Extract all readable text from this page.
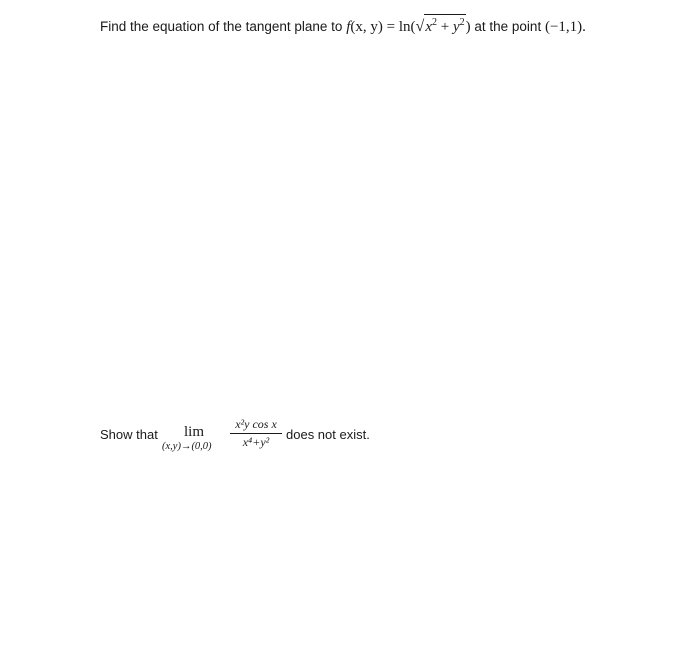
Find the equation of the tangent plane to f(x, $y) = \ln(√x^2 + y^2)$ at the point (−1,1).
Show that lim
$(x,y)\to(0,0) \frac{\text{x²y cos x}}{\text{x⁴+y²}}$ does not exist.
